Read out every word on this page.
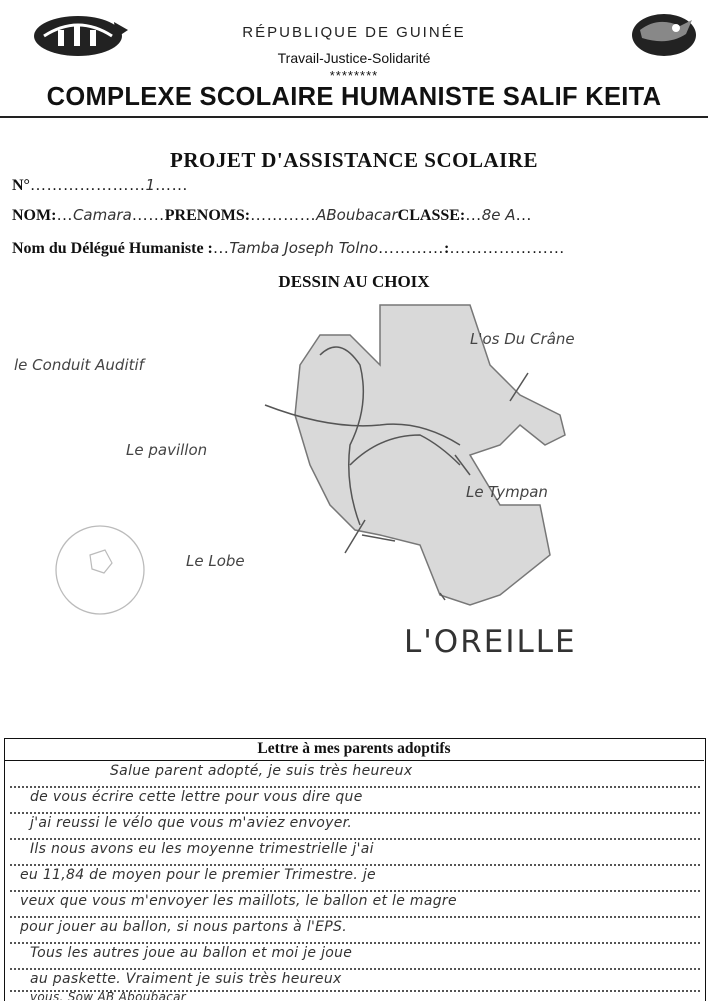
RÉPUBLIQUE DE GUINÉE
Travail-Justice-Solidarité
********
COMPLEXE SCOLAIRE HUMANISTE SALIF KEITA
PROJET D'ASSISTANCE SCOLAIRE
N°…………………1……
NOM:…Camara……PRENOMS:…………ABoubacarCLASSE:…8e A…
Nom du Délégué Humaniste :…Tamba Joseph Tolno…………:…………………
DESSIN AU CHOIX
le Conduit Auditif
L'os Du Crâne
Le pavillon
Le Tympan
Le Lobe
L'OREILLE
Lettre à mes parents adoptifs
Salue parent adopté, je suis très heureux
de vous écrire cette lettre pour vous dire que
j'ai reussi le vélo que vous m'aviez envoyer.
Ils nous avons eu les moyenne trimestrielle j'ai
eu 11,84 de moyen pour le premier Trimestre. je
veux que vous m'envoyer les maillots, le ballon et le magre
pour jouer au ballon, si nous partons à l'EPS.
Tous les autres joue au ballon et moi je joue
au paskette. Vraiment je suis très heureux
vous. Sow AB Aboubacar
